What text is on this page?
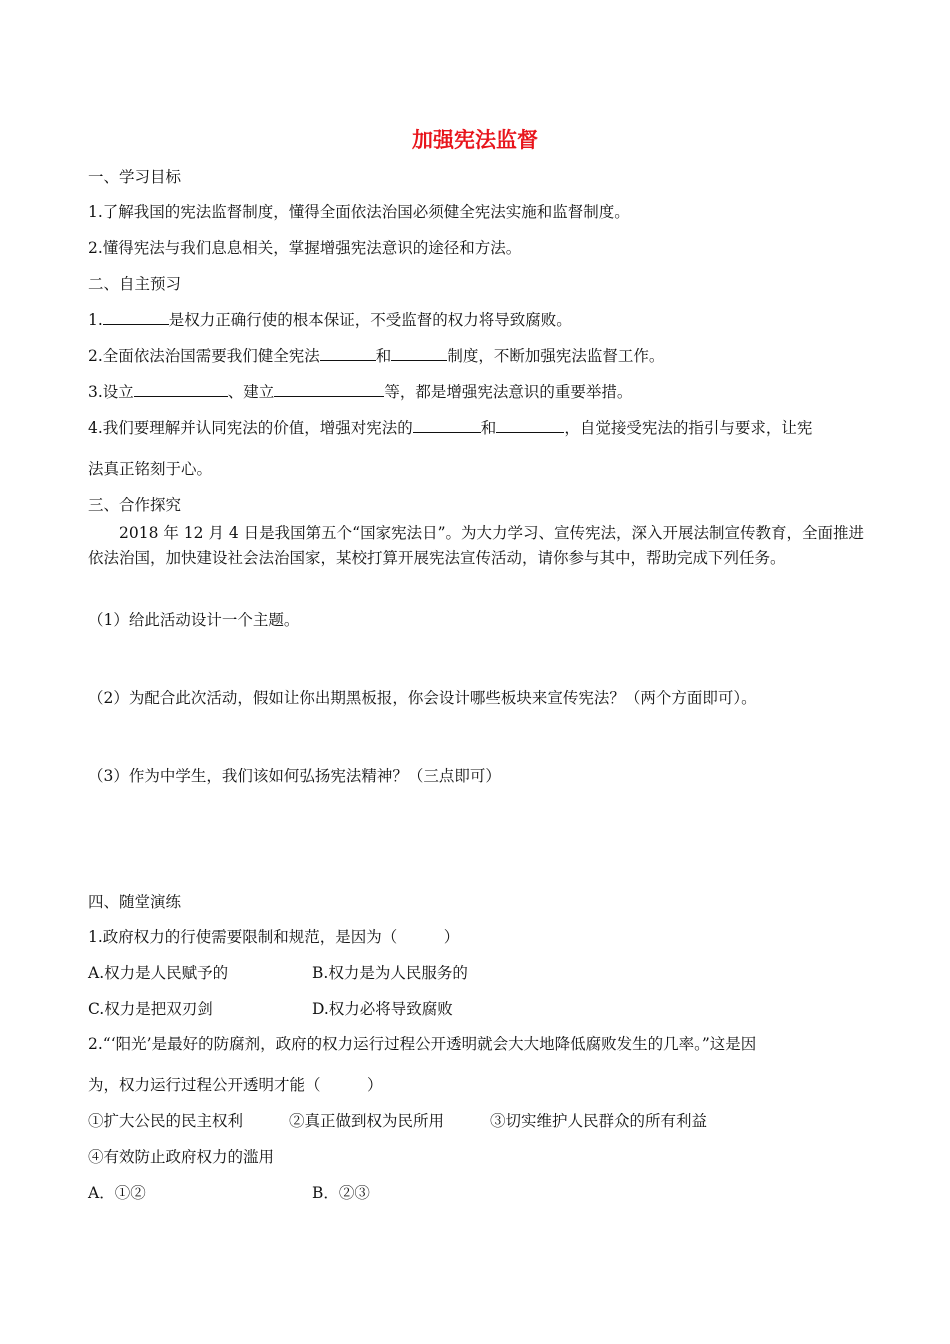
加强宪法监督
一、学习目标
1.了解我国的宪法监督制度，懂得全面依法治国必须健全宪法实施和监督制度。
2.懂得宪法与我们息息相关，掌握增强宪法意识的途径和方法。
二、自主预习
1.	是权力正确行使的根本保证，不受监督的权力将导致腐败。
2.全面依法治国需要我们健全宪法	和	制度，不断加强宪法监督工作。
3.设立	、建立	等，都是增强宪法意识的重要举措。
4.我们要理解并认同宪法的价值，增强对宪法的	和	，自觉接受宪法的指引与要求，让宪
法真正铭刻于心。
三、合作探究
2018 年 12 月 4 日是我国第五个“国家宪法日”。为大力学习、宣传宪法，深入开展法制宣传教育，全面推进依法治国，加快建设社会法治国家，某校打算开展宪法宣传活动，请你参与其中，帮助完成下列任务。
（1）给此活动设计一个主题。
（2）为配合此次活动，假如让你出期黑板报，你会设计哪些板块来宣传宪法？（两个方面即可）。
（3）作为中学生，我们该如何弘扬宪法精神？（三点即可）
四、随堂演练
1.政府权力的行使需要限制和规范，是因为（　　　）
A.权力是人民赋予的	B.权力是为人民服务的
C.权力是把双刃剑	D.权力必将导致腐败
2.“‘阳光’是最好的防腐剂，政府的权力运行过程公开透明就会大大地降低腐败发生的几率。”这是因
为，权力运行过程公开透明才能（　　　）
①扩大公民的民主权利	②真正做到权为民所用	③切实维护人民群众的所有利益
④有效防止政府权力的滥用
A．①②	B．②③
